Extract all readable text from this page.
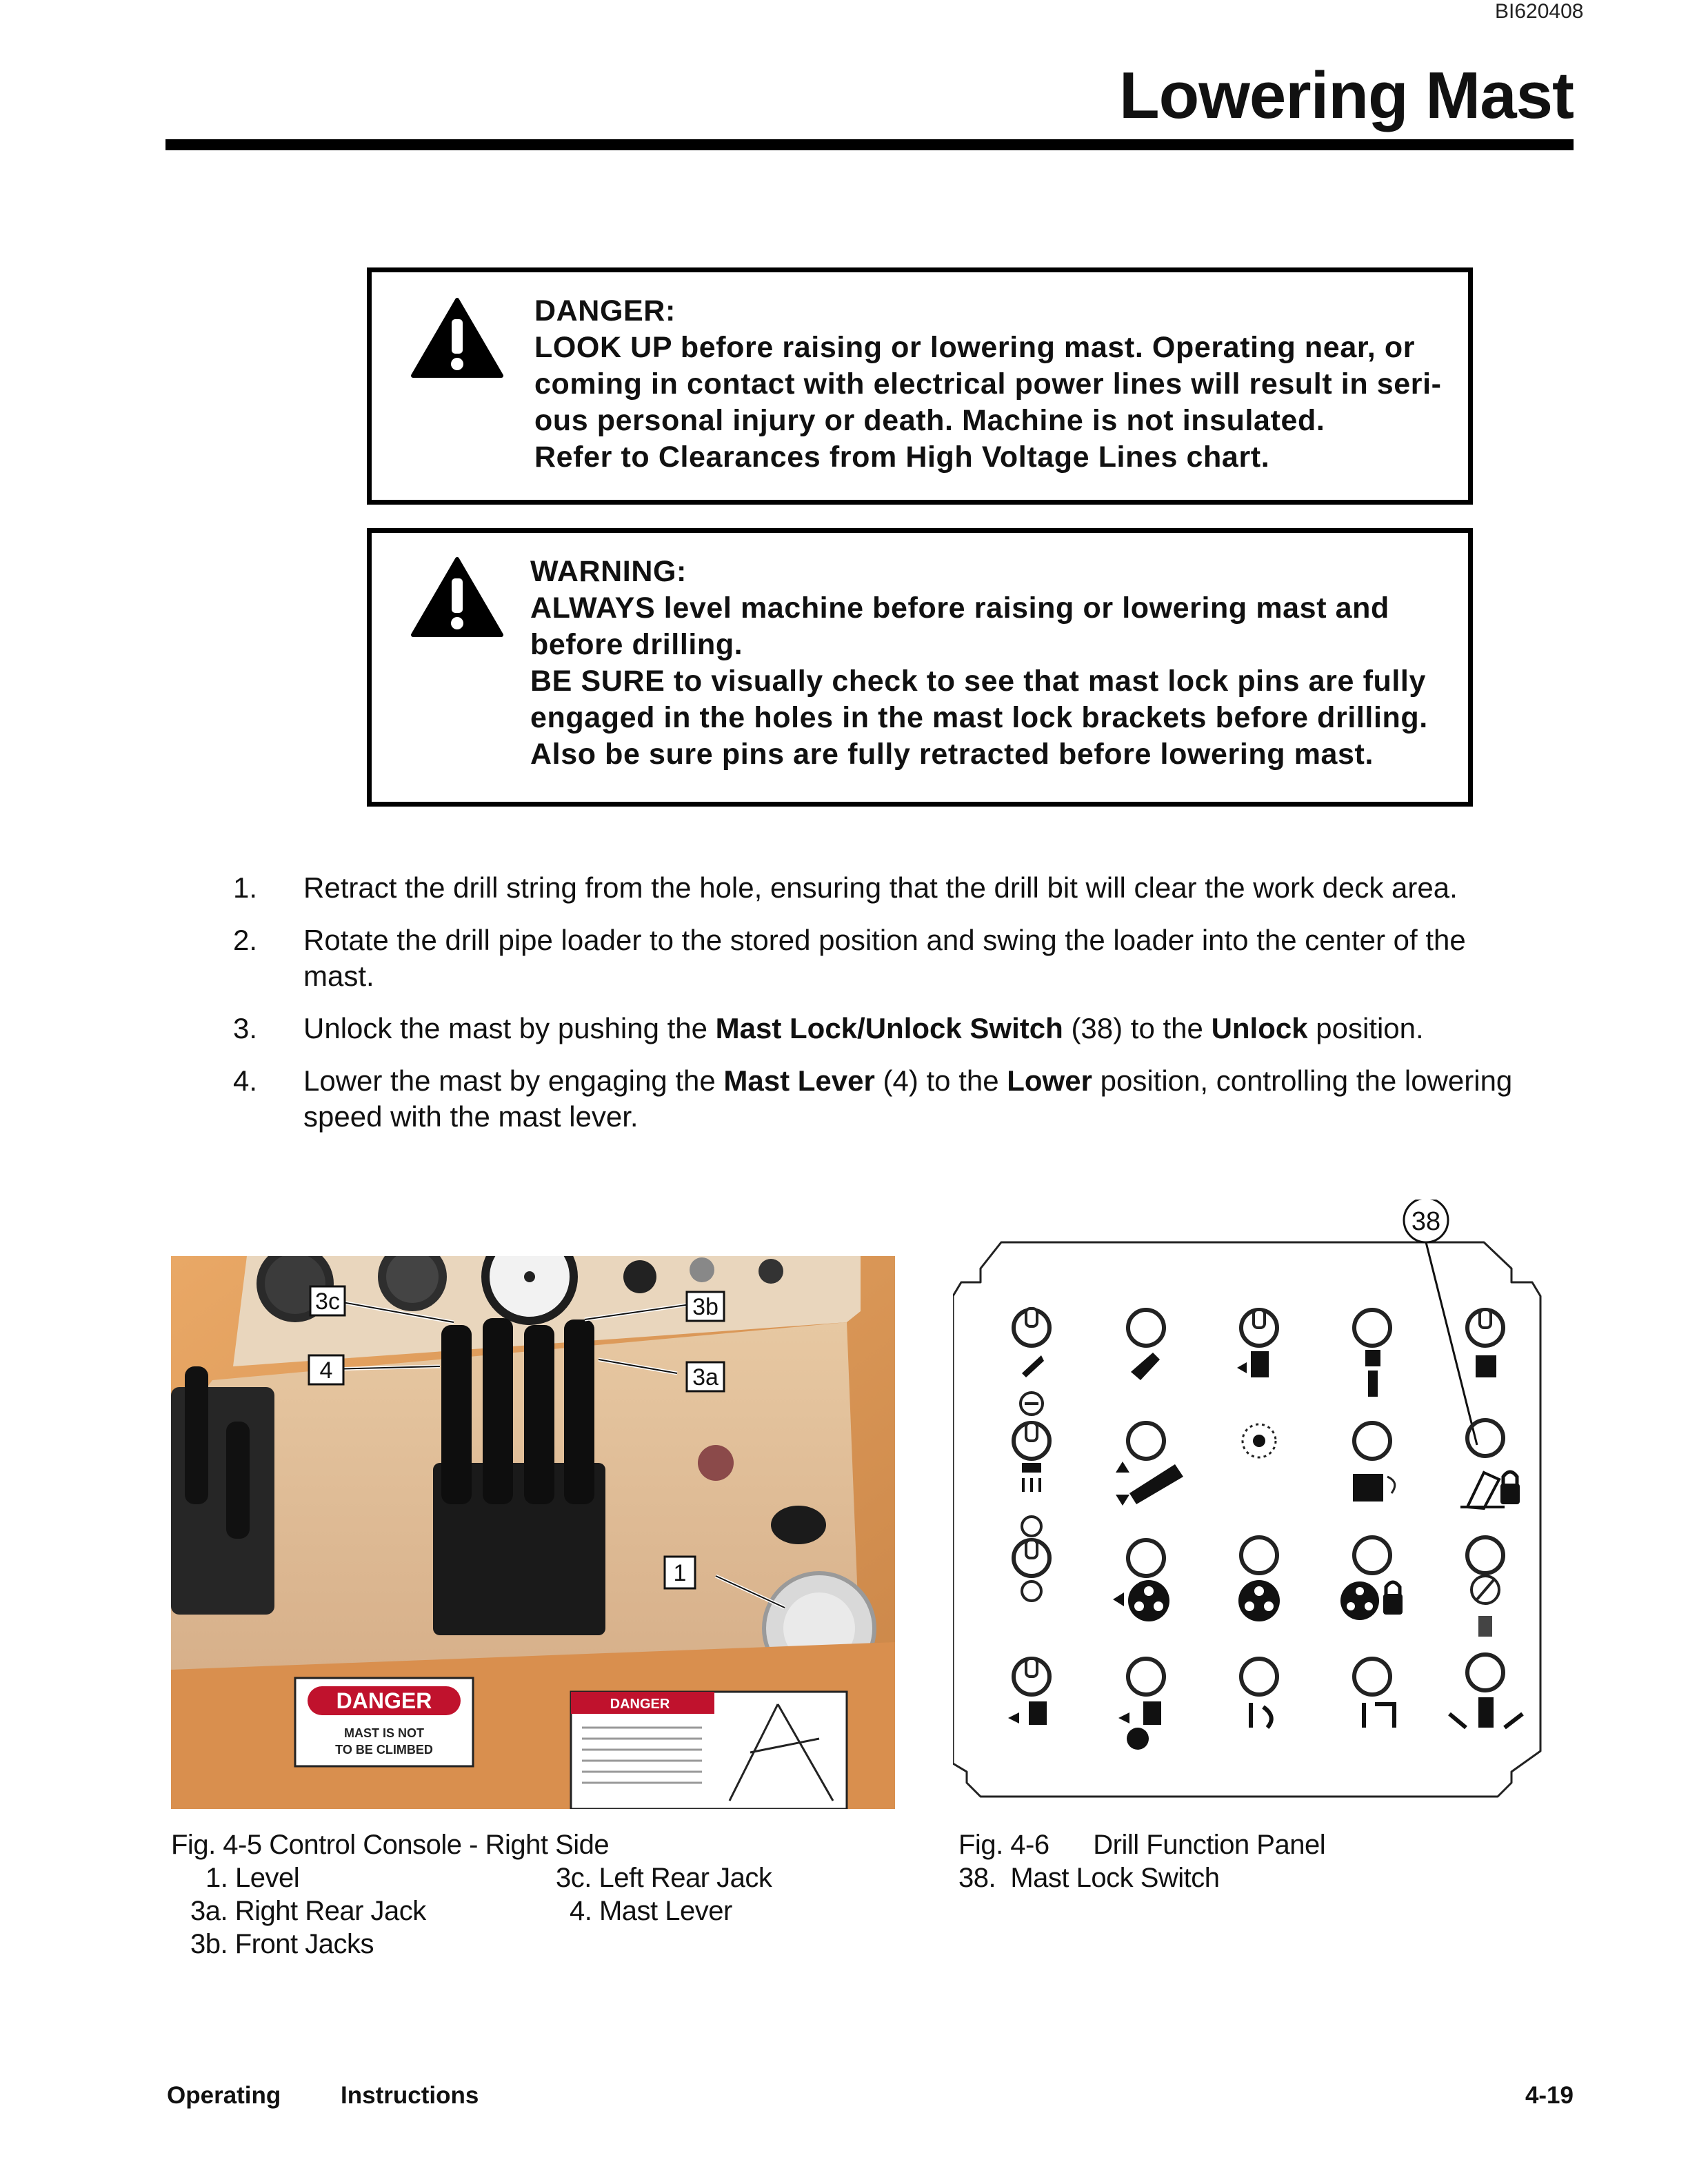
BI620408
Lowering Mast
DANGER:
LOOK UP before raising or lowering mast. Operating near, or
coming in contact with electrical power lines will result in seri-
ous personal injury or death. Machine is not insulated.
Refer to Clearances from High Voltage Lines chart.
WARNING:
ALWAYS level machine before raising or lowering mast and
before drilling.
BE SURE to visually check to see that mast lock pins are fully
engaged in the holes in the mast lock brackets before drilling.
Also be sure pins are fully retracted before lowering mast.
1. Retract the drill string from the hole, ensuring that the drill bit will clear the work deck area.
2. Rotate the drill pipe loader to the stored position and swing the loader into the center of the
mast.
3. Unlock the mast by pushing the Mast Lock/Unlock Switch (38) to the Unlock position.
4. Lower the mast by engaging the Mast Lever (4) to the Lower position, controlling the lowering
speed with the mast lever.
DANGER
MAST IS NOT
TO BE CLIMBED
DANGER
3c	3b
4	3a
1
38
Fig. 4-5 Control Console - Right Side
1. Level
3a. Right Rear Jack
3b. Front Jacks
3c. Left Rear Jack
4. Mast Lever
Fig. 4-6      Drill Function Panel
38.  Mast Lock Switch
Operating Instructions	4-19
